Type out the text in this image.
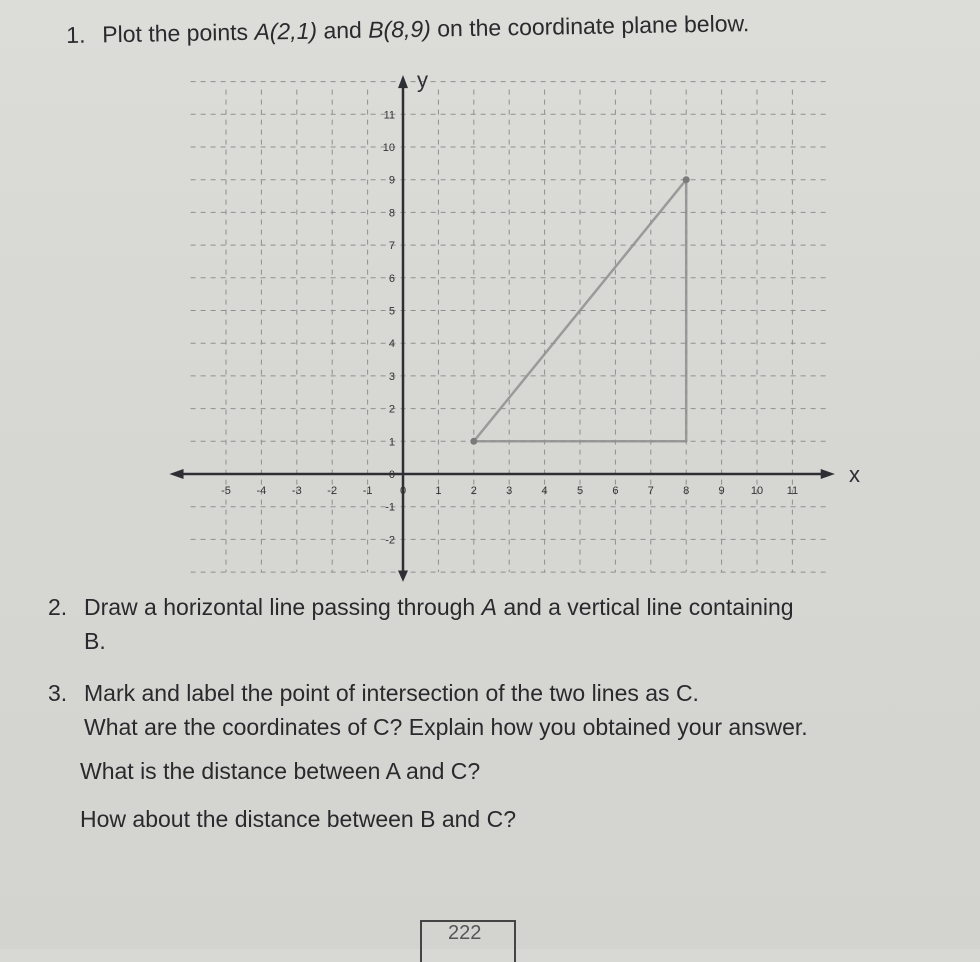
1. Plot the points A(2,1) and B(8,9) on the coordinate plane below.
x
y
-5 -4 -3 -2 -1 0	1	2	3	4	5	6	7	8	9 10 11
-2
-1
0
1
2
3
4
5
6
7
8
9
10
11
2. Draw a horizontal line passing through A and a vertical line containing
B.
3. Mark and label the point of intersection of the two lines as C.
What are the coordinates of C? Explain how you obtained your answer.
What is the distance between A and C?
How about the distance between B and C?
222
